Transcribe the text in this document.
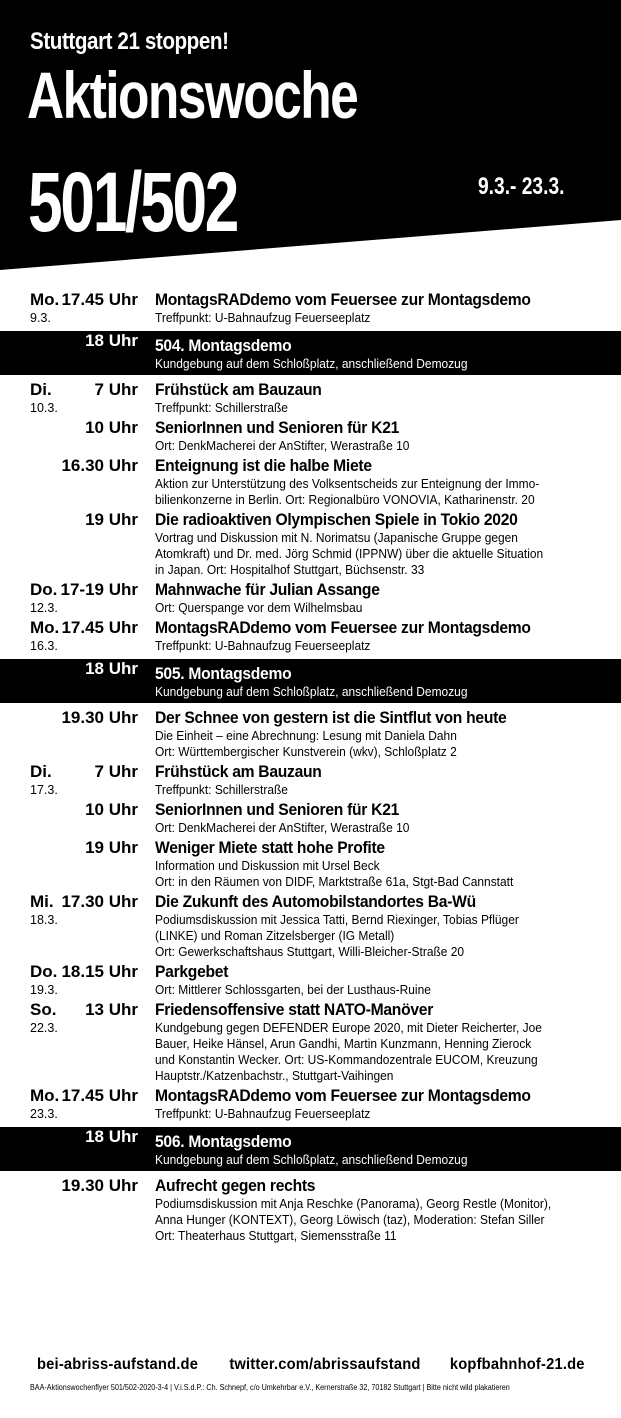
Stuttgart 21 stoppen!
Aktionswoche
501/502	9.3.- 23.3.
Mo.
9.3.
17.45 Uhr MontagsRADdemo vom Feuersee zur Montagsdemo
Treffpunkt: U-Bahnaufzug Feuerseeplatz
18 Uhr 504. Montagsdemo
Kundgebung auf dem Schloßplatz, anschließend Demozug
Di.
10.3.
7 Uhr Frühstück am Bauzaun
Treffpunkt: Schillerstraße
10 Uhr SeniorInnen und Senioren für K21
Ort: DenkMacherei der AnStifter, Werastraße 10
16.30 Uhr Enteignung ist die halbe Miete
Aktion zur Unterstützung des Volksentscheids zur Enteignung der Immo-
bilienkonzerne in Berlin. Ort: Regionalbüro VONOVIA, Katharinenstr. 20
19 Uhr Die radioaktiven Olympischen Spiele in Tokio 2020
Vortrag und Diskussion mit N. Norimatsu (Japanische Gruppe gegen
Atomkraft) und Dr. med. Jörg Schmid (IPPNW) über die aktuelle Situation
in Japan. Ort: Hospitalhof Stuttgart, Büchsenstr. 33
Do.
12.3.
17-19 Uhr Mahnwache für Julian Assange
Ort: Querspange vor dem Wilhelmsbau
Mo.
16.3.
17.45 Uhr MontagsRADdemo vom Feuersee zur Montagsdemo
Treffpunkt: U-Bahnaufzug Feuerseeplatz
18 Uhr 505. Montagsdemo
Kundgebung auf dem Schloßplatz, anschließend Demozug
19.30 Uhr Der Schnee von gestern ist die Sintflut von heute
Die Einheit – eine Abrechnung: Lesung mit Daniela Dahn
Ort: Württembergischer Kunstverein (wkv), Schloßplatz 2
Di.
17.3.
7 Uhr Frühstück am Bauzaun
Treffpunkt: Schillerstraße
10 Uhr SeniorInnen und Senioren für K21
Ort: DenkMacherei der AnStifter, Werastraße 10
19 Uhr Weniger Miete statt hohe Profite
Information und Diskussion mit Ursel Beck
Ort: in den Räumen von DIDF, Marktstraße 61a, Stgt-Bad Cannstatt
Mi.
18.3.
17.30 Uhr Die Zukunft des Automobilstandortes Ba-Wü
Podiumsdiskussion mit Jessica Tatti, Bernd Riexinger, Tobias Pflüger
(LINKE) und Roman Zitzelsberger (IG Metall)
Ort: Gewerkschaftshaus Stuttgart, Willi-Bleicher-Straße 20
Do.
19.3.
18.15 Uhr Parkgebet
Ort: Mittlerer Schlossgarten, bei der Lusthaus-Ruine
So.
22.3.
13 Uhr Friedensoffensive statt NATO-Manöver
Kundgebung gegen DEFENDER Europe 2020, mit Dieter Reicherter, Joe
Bauer, Heike Hänsel, Arun Gandhi, Martin Kunzmann, Henning Zierock
und Konstantin Wecker. Ort: US-Kommandozentrale EUCOM, Kreuzung
Hauptstr./Katzenbachstr., Stuttgart-Vaihingen
Mo.
23.3.
17.45 Uhr MontagsRADdemo vom Feuersee zur Montagsdemo
Treffpunkt: U-Bahnaufzug Feuerseeplatz
18 Uhr 506. Montagsdemo
Kundgebung auf dem Schloßplatz, anschließend Demozug
19.30 Uhr Aufrecht gegen rechts
Podiumsdiskussion mit Anja Reschke (Panorama), Georg Restle (Monitor),
Anna Hunger (KONTEXT), Georg Löwisch (taz), Moderation: Stefan Siller
Ort: Theaterhaus Stuttgart, Siemensstraße 11
bei-abriss-aufstand.de twitter.com/abrissaufstand kopfbahnhof-21.de
BAA-Aktionswochenflyer 501/502-2020-3-4 | V.i.S.d.P.: Ch. Schnepf, c/o Umkehrbar e.V., Kernerstraße 32, 70182 Stuttgart | Bitte nicht wild plakatieren
